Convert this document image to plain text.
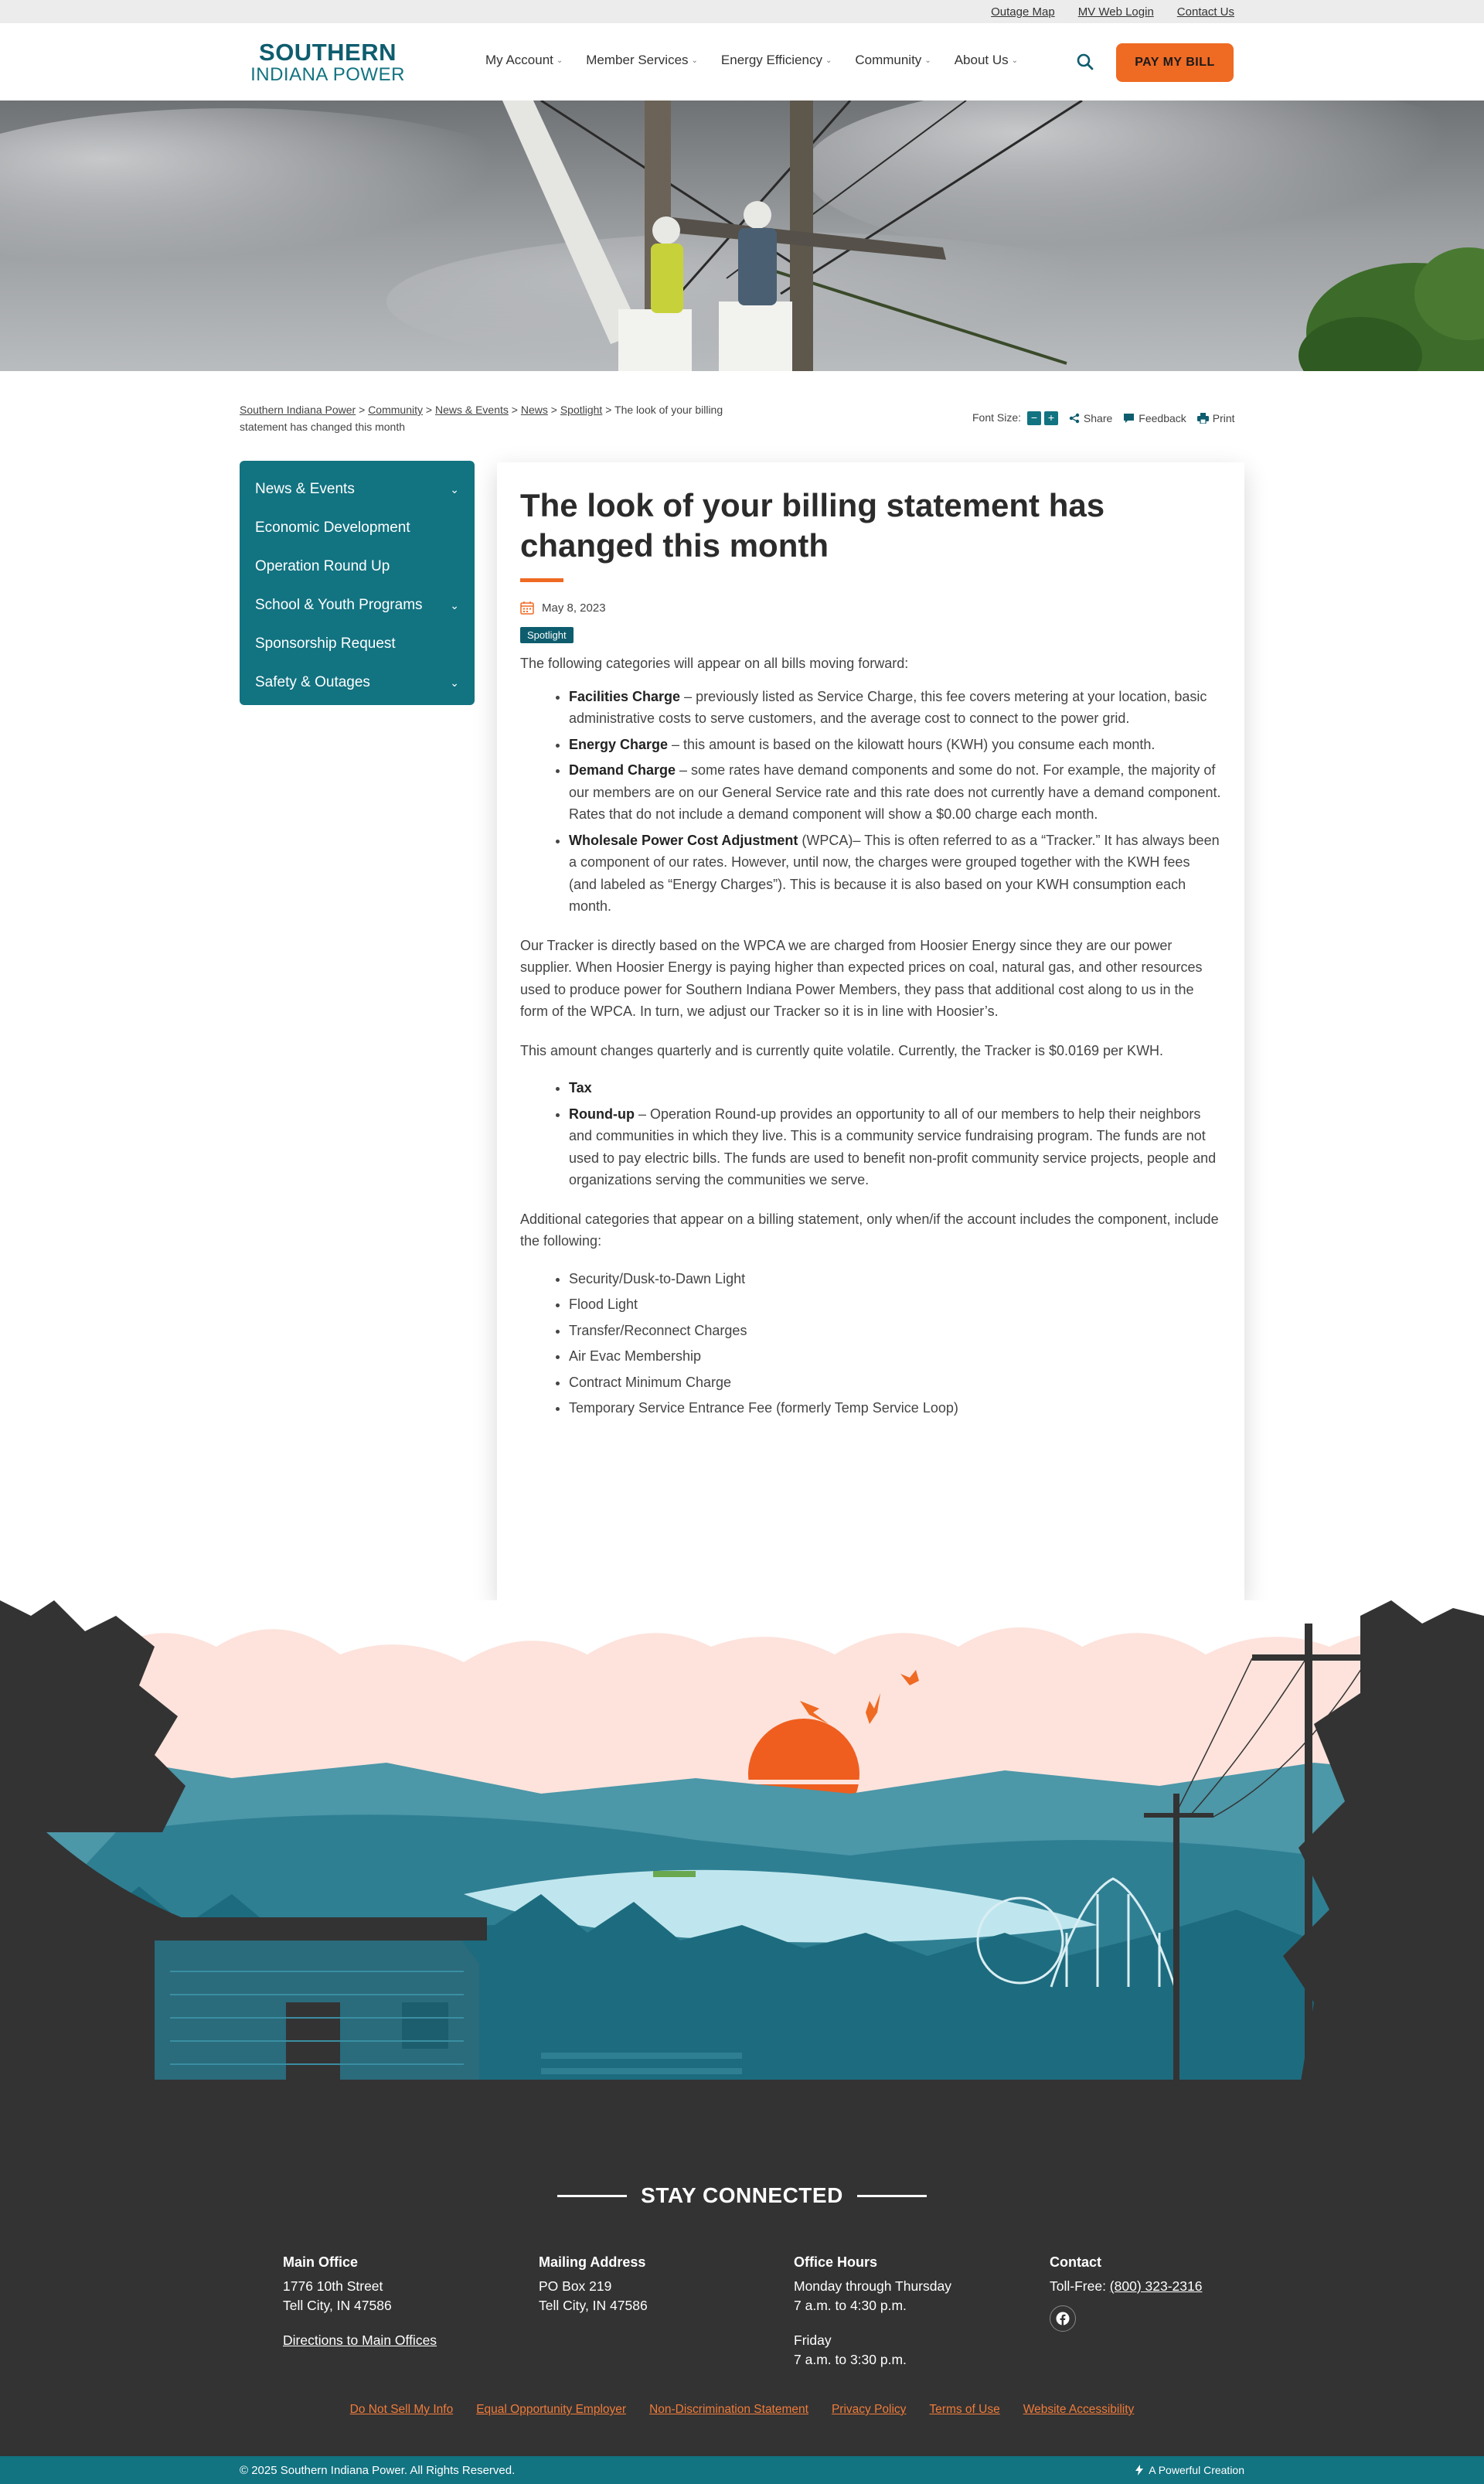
Outage Map MV Web Login Contact Us
SOUTHERN
INDIANA POWER
My Account ⌄ Member Services ⌄ Energy Efficiency ⌄ Community ⌄ About Us ⌄	PAY MY BILL
Southern Indiana Power > Community > News & Events > News > Spotlight > The look of your billing statement has changed this month
Font Size: − +	Share Feedback Print
News & Events	⌄
Economic Development
Operation Round Up
School & Youth Programs	⌄
Sponsorship Request
Safety & Outages	⌄
The look of your billing statement has changed this month
May 8, 2023
Spotlight

The following categories will appear on all bills moving forward:

• Facilities Charge – previously listed as Service Charge, this fee covers metering at your location, basic administrative costs to serve customers, and the average cost to connect to the power grid.
• Energy Charge – this amount is based on the kilowatt hours (KWH) you consume each month.
• Demand Charge – some rates have demand components and some do not. For example, the majority of our members are on our General Service rate and this rate does not currently have a demand component. Rates that do not include a demand component will show a $0.00 charge each month.
• Wholesale Power Cost Adjustment (WPCA)– This is often referred to as a “Tracker.” It has always been a component of our rates. However, until now, the charges were grouped together with the KWH fees (and labeled as “Energy Charges”). This is because it is also based on your KWH consumption each month.

Our Tracker is directly based on the WPCA we are charged from Hoosier Energy since they are our power supplier. When Hoosier Energy is paying higher than expected prices on coal, natural gas, and other resources used to produce power for Southern Indiana Power Members, they pass that additional cost along to us in the form of the WPCA. In turn, we adjust our Tracker so it is in line with Hoosier’s.

This amount changes quarterly and is currently quite volatile. Currently, the Tracker is $0.0169 per KWH.

• Tax
• Round-up – Operation Round-up provides an opportunity to all of our members to help their neighbors and communities in which they live. This is a community service fundraising program. The funds are not used to pay electric bills. The funds are used to benefit non-profit community service projects, people and organizations serving the communities we serve.

Additional categories that appear on a billing statement, only when/if the account includes the component, include the following:

• Security/Dusk-to-Dawn Light
• Flood Light
• Transfer/Reconnect Charges
• Air Evac Membership
• Contract Minimum Charge
• Temporary Service Entrance Fee (formerly Temp Service Loop)
STAY CONNECTED
Main Office
1776 10th Street
Tell City, IN 47586
Directions to Main Offices
Mailing Address
PO Box 219
Tell City, IN 47586
Office Hours
Monday through Thursday
7 a.m. to 4:30 p.m.
Friday
7 a.m. to 3:30 p.m.
Contact
Toll-Free: (800) 323-2316
Do Not Sell My Info Equal Opportunity Employer Non-Discrimination Statement Privacy Policy Terms of Use Website Accessibility
© 2025 Southern Indiana Power. All Rights Reserved.	A Powerful Creation
